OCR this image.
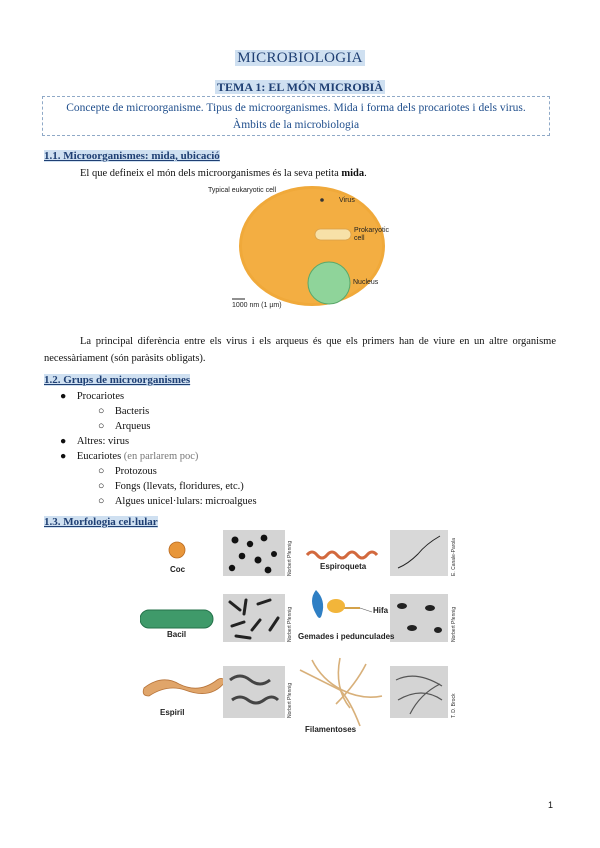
MICROBIOLOGIA
TEMA 1: EL MÓN MICROBIÀ
Concepte de microorganisme. Tipus de microorganismes. Mida i forma dels procariotes i dels virus.
Àmbits de la microbiologia
1.1. Microorganismes: mida, ubicació
El que defineix el món dels microorganismes és la seva petita mida.
Typical eukaryotic cell
Virus
Prokaryotic
cell
Nucleus
1000 nm (1 µm)
La principal diferència entre els virus i els arqueus és que els primers han de viure en un altre organisme necessàriament (són paràsits obligats).
1.2. Grups de microorganismes
●    Procariotes
○    Bacteris
○    Arqueus
●    Altres: virus
●    Eucariotes (en parlarem poc)
○    Protozous
○    Fongs (llevats, floridures, etc.)
○    Algues unicel·lulars: microalgues
1.3. Morfologia cel·lular
Coc
Bacil
Espiril
Espiroqueta
Gemades i pedunculades
Hifa
Filamentoses
Norbert Pfennig
Norbert Pfennig
Norbert Pfennig
E. Canale-Parola
Norbert Pfennig
T. D. Brock
1
